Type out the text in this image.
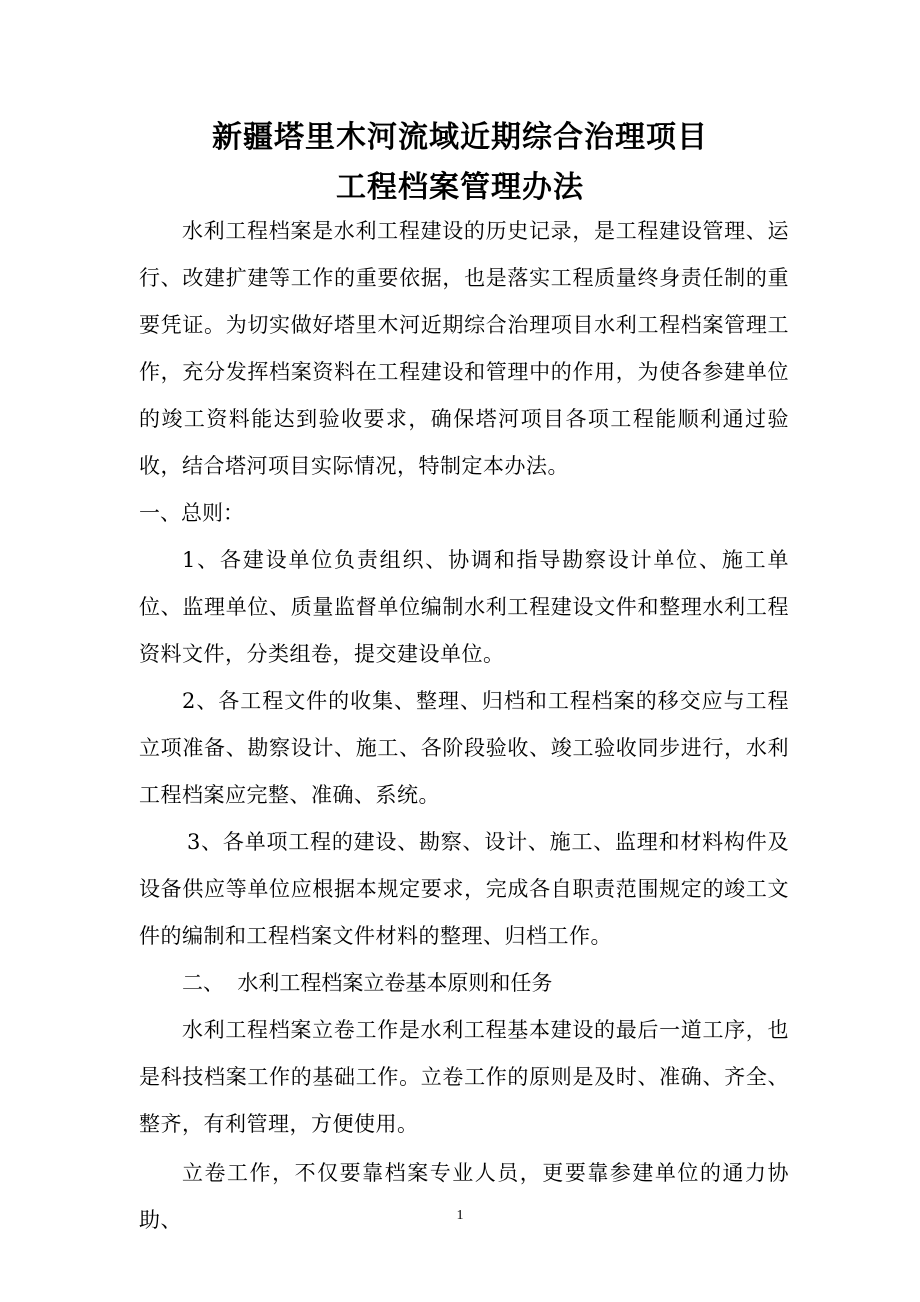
新疆塔里木河流域近期综合治理项目
工程档案管理办法

水利工程档案是水利工程建设的历史记录，是工程建设管理、运行、改建扩建等工作的重要依据，也是落实工程质量终身责任制的重要凭证。为切实做好塔里木河近期综合治理项目水利工程档案管理工作，充分发挥档案资料在工程建设和管理中的作用，为使各参建单位的竣工资料能达到验收要求，确保塔河项目各项工程能顺利通过验收，结合塔河项目实际情况，特制定本办法。

一、总则：

1、各建设单位负责组织、协调和指导勘察设计单位、施工单位、监理单位、质量监督单位编制水利工程建设文件和整理水利工程资料文件，分类组卷，提交建设单位。

2、各工程文件的收集、整理、归档和工程档案的移交应与工程立项准备、勘察设计、施工、各阶段验收、竣工验收同步进行，水利工程档案应完整、准确、系统。

3、各单项工程的建设、勘察、设计、施工、监理和材料构件及设备供应等单位应根据本规定要求，完成各自职责范围规定的竣工文件的编制和工程档案文件材料的整理、归档工作。

二、  水利工程档案立卷基本原则和任务

水利工程档案立卷工作是水利工程基本建设的最后一道工序，也是科技档案工作的基础工作。立卷工作的原则是及时、准确、齐全、整齐，有利管理，方便使用。

立卷工作，不仅要靠档案专业人员，更要靠参建单位的通力协助、	1
